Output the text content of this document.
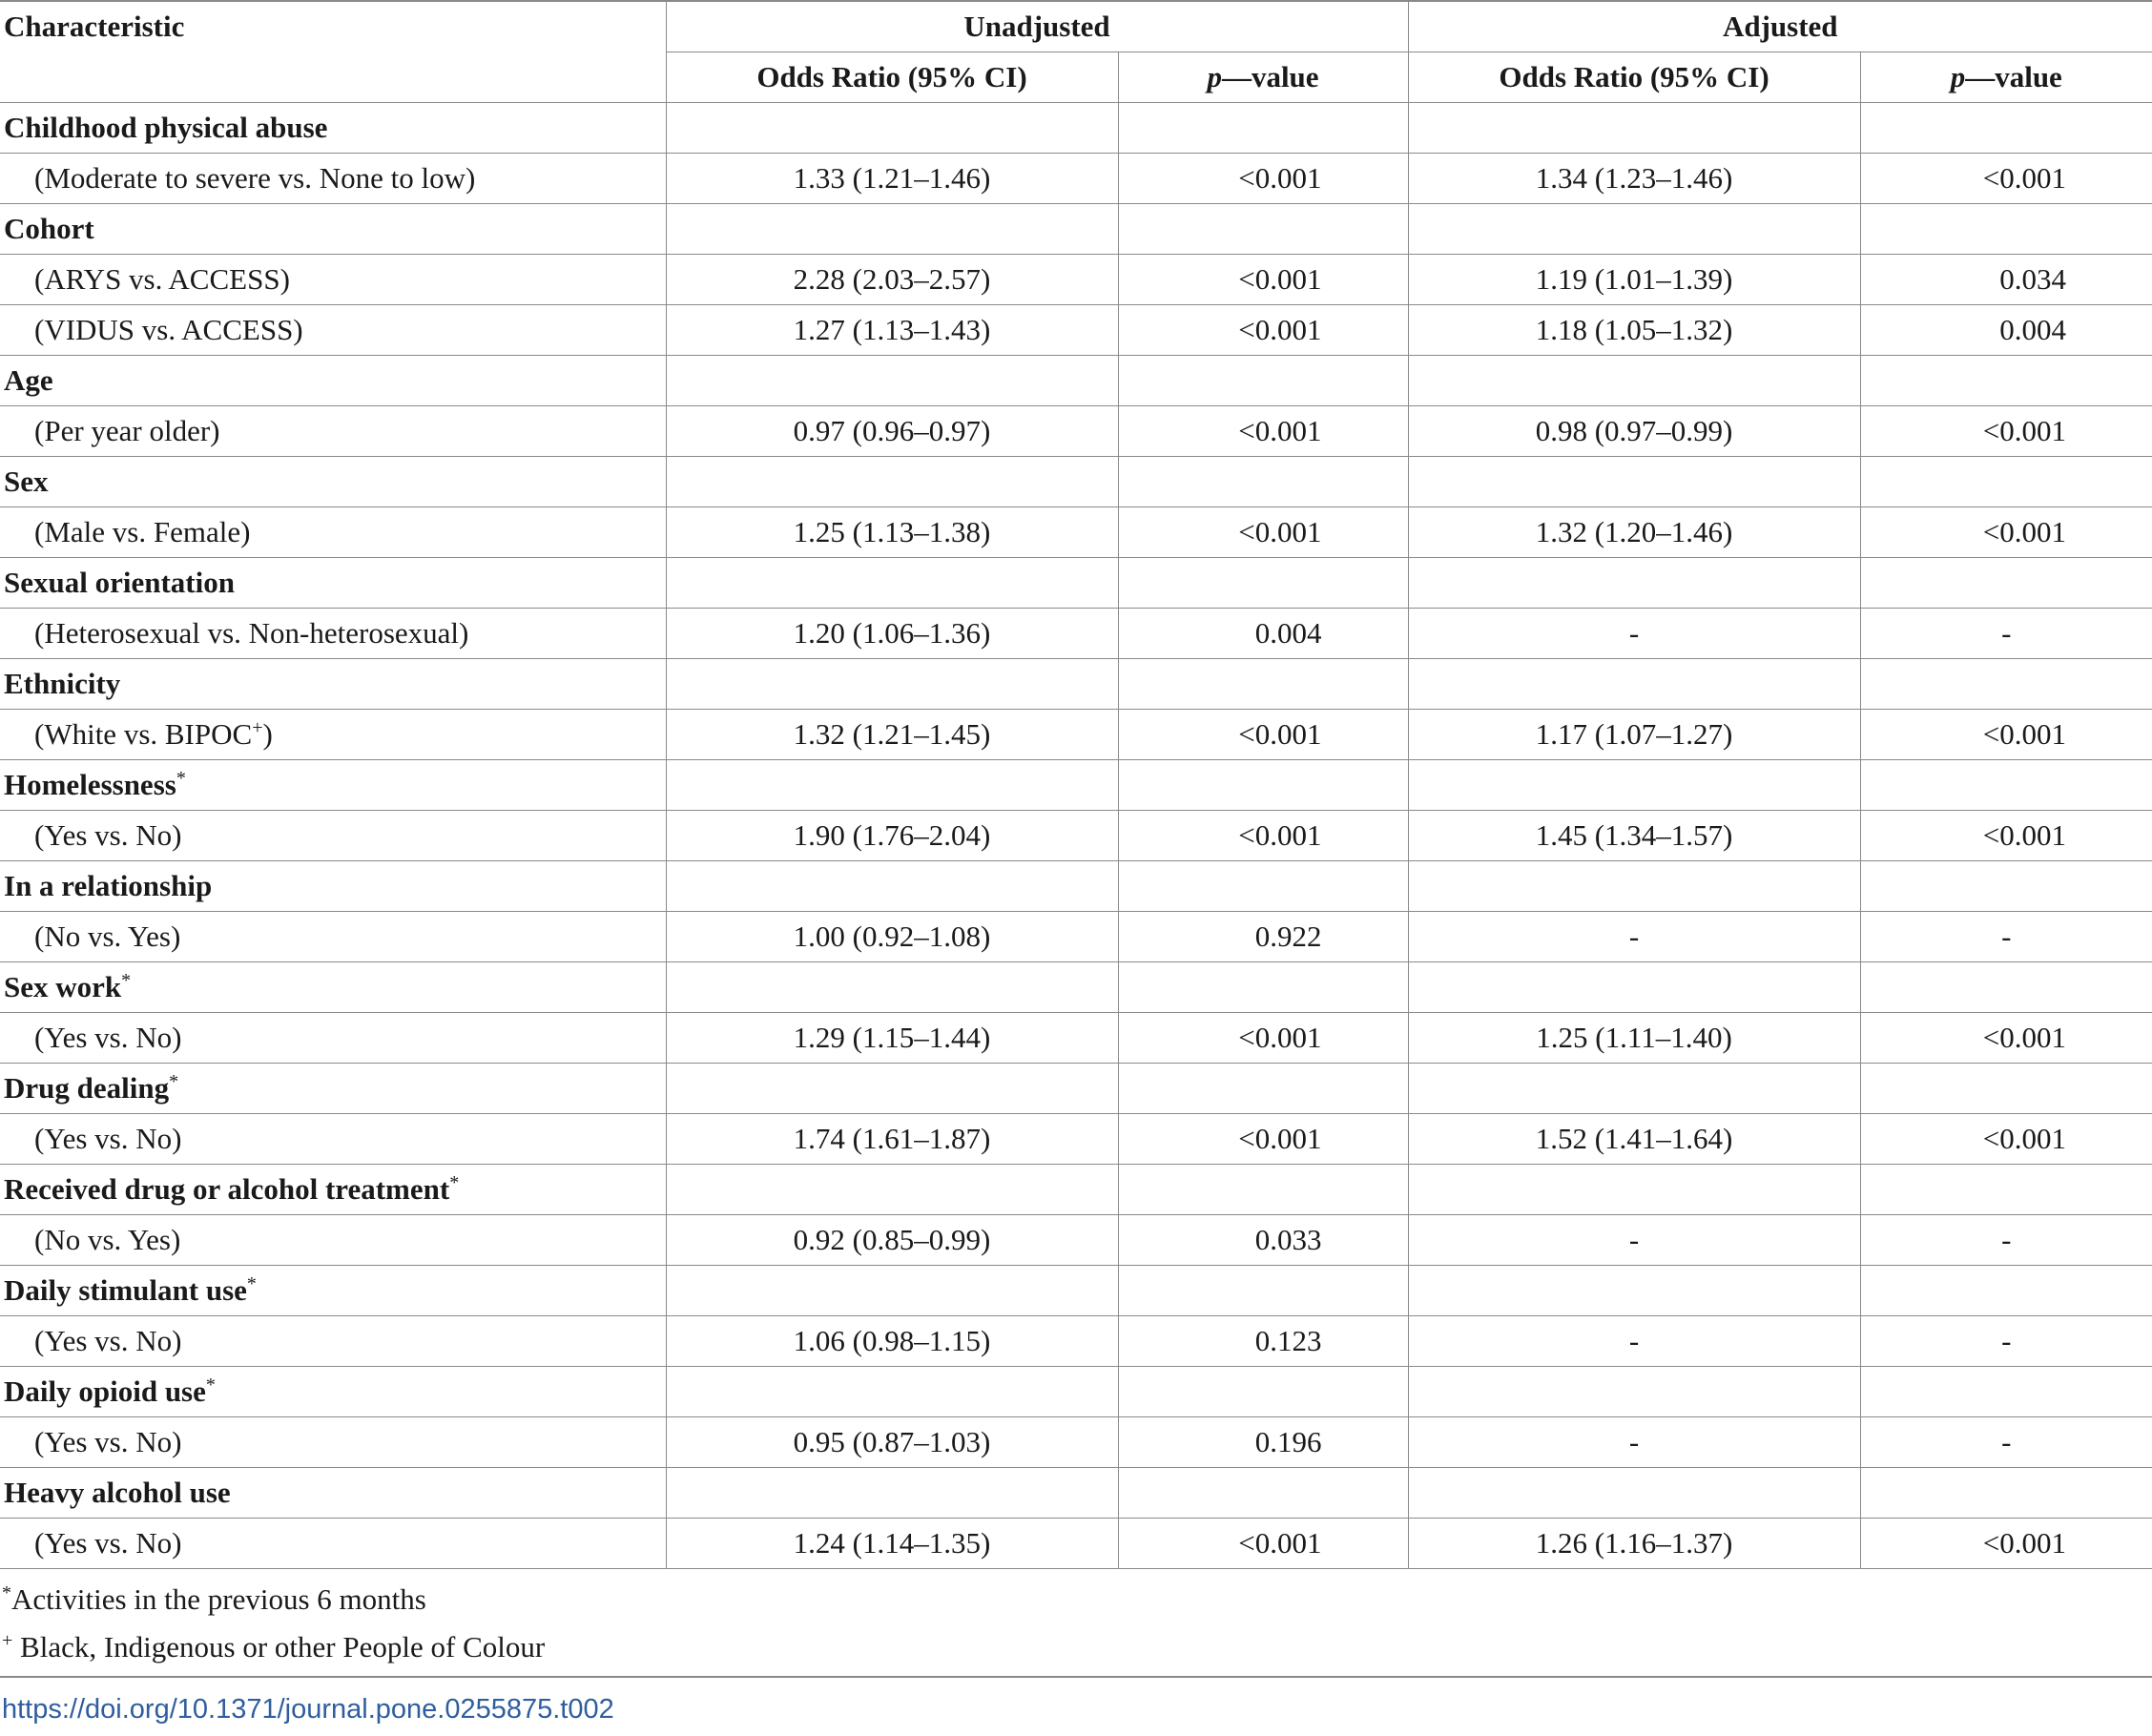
Characteristic	Unadjusted		Adjusted	
	Odds Ratio (95% CI)	p—value	Odds Ratio (95% CI)	p—value
Childhood physical abuse				
(Moderate to severe vs. None to low)	1.33 (1.21–1.46)	<0.001	1.34 (1.23–1.46)	<0.001
Cohort				
(ARYS vs. ACCESS)	2.28 (2.03–2.57)	<0.001	1.19 (1.01–1.39)	0.034
(VIDUS vs. ACCESS)	1.27 (1.13–1.43)	<0.001	1.18 (1.05–1.32)	0.004
Age				
(Per year older)	0.97 (0.96–0.97)	<0.001	0.98 (0.97–0.99)	<0.001
Sex				
(Male vs. Female)	1.25 (1.13–1.38)	<0.001	1.32 (1.20–1.46)	<0.001
Sexual orientation				
(Heterosexual vs. Non-heterosexual)	1.20 (1.06–1.36)	0.004	-	-
Ethnicity				
(White vs. BIPOC+)	1.32 (1.21–1.45)	<0.001	1.17 (1.07–1.27)	<0.001
Homelessness*				
(Yes vs. No)	1.90 (1.76–2.04)	<0.001	1.45 (1.34–1.57)	<0.001
In a relationship				
(No vs. Yes)	1.00 (0.92–1.08)	0.922	-	-
Sex work*				
(Yes vs. No)	1.29 (1.15–1.44)	<0.001	1.25 (1.11–1.40)	<0.001
Drug dealing*				
(Yes vs. No)	1.74 (1.61–1.87)	<0.001	1.52 (1.41–1.64)	<0.001
Received drug or alcohol treatment*				
(No vs. Yes)	0.92 (0.85–0.99)	0.033	-	-
Daily stimulant use*				
(Yes vs. No)	1.06 (0.98–1.15)	0.123	-	-
Daily opioid use*				
(Yes vs. No)	0.95 (0.87–1.03)	0.196	-	-
Heavy alcohol use				
(Yes vs. No)	1.24 (1.14–1.35)	<0.001	1.26 (1.16–1.37)	<0.001
*Activities in the previous 6 months
+ Black, Indigenous or other People of Colour
https://doi.org/10.1371/journal.pone.0255875.t002
